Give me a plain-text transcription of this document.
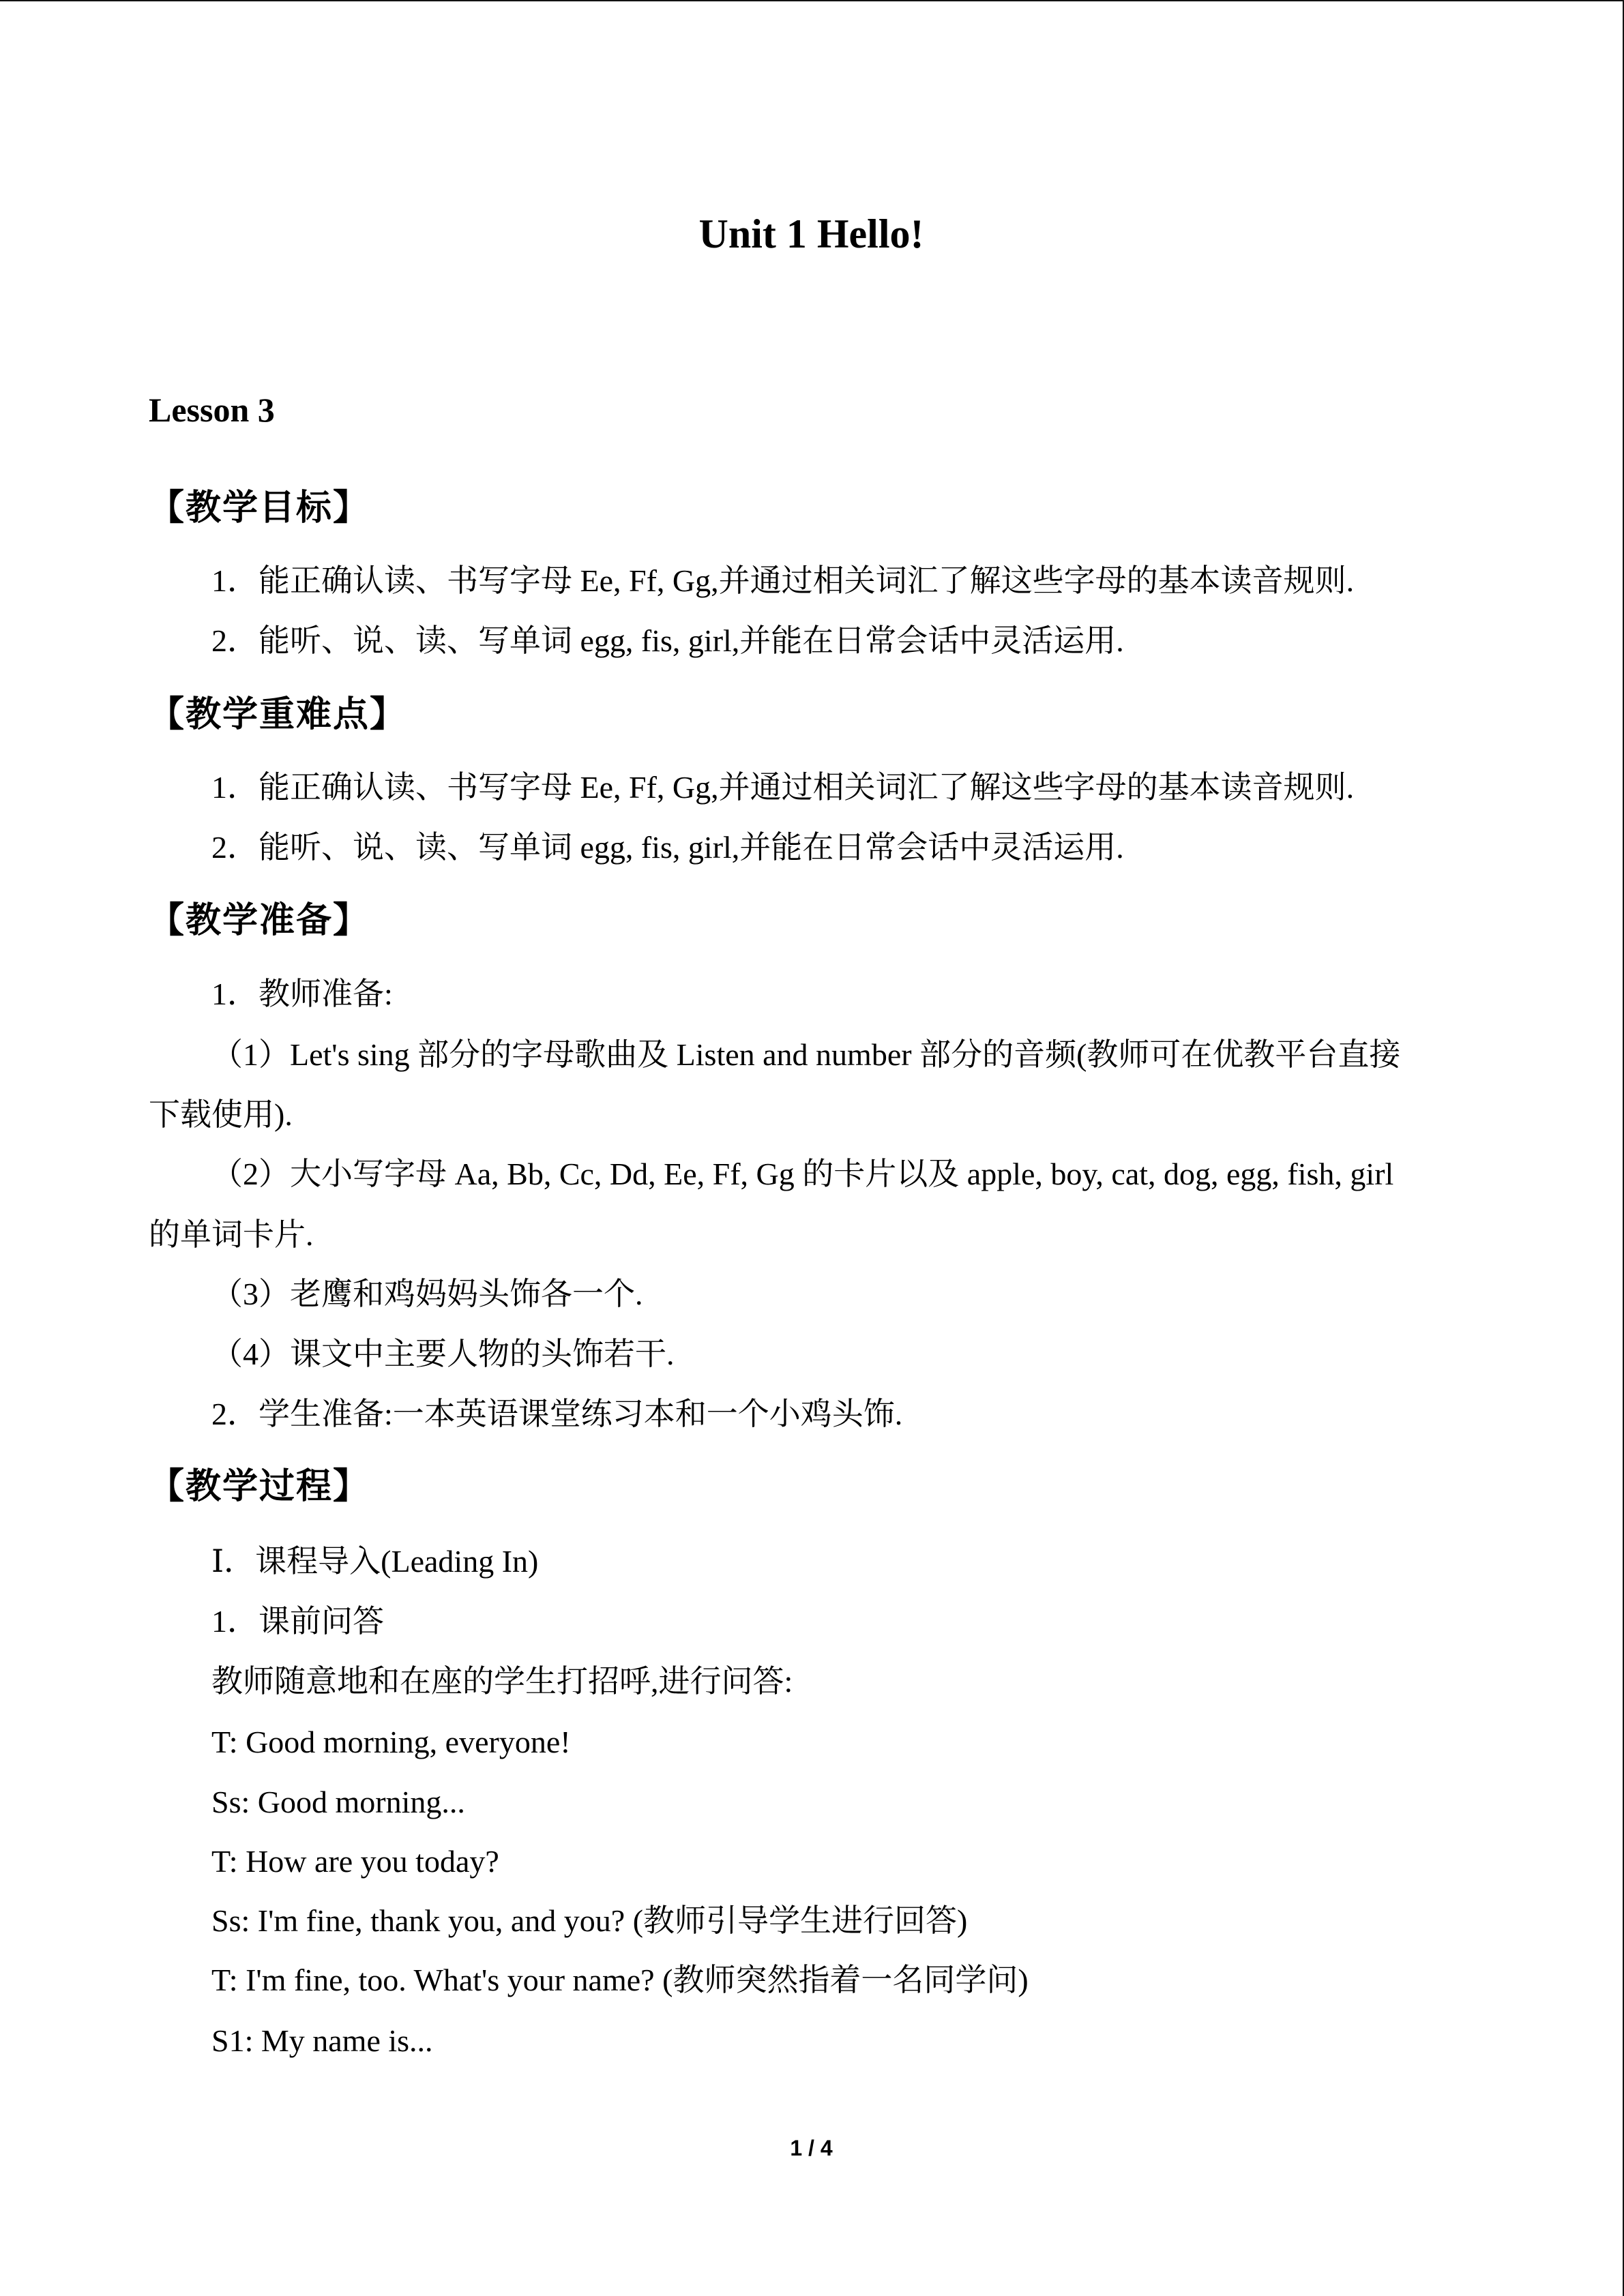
Unit 1 Hello!
Lesson 3
【教学目标】

1．能正确认读、书写字母 Ee, Ff, Gg,并通过相关词汇了解这些字母的基本读音规则.

2．能听、说、读、写单词 egg, fis, girl,并能在日常会话中灵活运用.

【教学重难点】

1．能正确认读、书写字母 Ee, Ff, Gg,并通过相关词汇了解这些字母的基本读音规则.

2．能听、说、读、写单词 egg, fis, girl,并能在日常会话中灵活运用.

【教学准备】

1．教师准备:

（1）Let's sing 部分的字母歌曲及 Listen and number 部分的音频(教师可在优教平台直接

下载使用).

（2）大小写字母 Aa, Bb, Cc, Dd, Ee, Ff, Gg 的卡片以及 apple, boy, cat, dog, egg, fish, girl

的单词卡片.

（3）老鹰和鸡妈妈头饰各一个.

（4）课文中主要人物的头饰若干.

2．学生准备:一本英语课堂练习本和一个小鸡头饰.

【教学过程】

Ⅰ．课程导入(Leading In)

1．课前问答

教师随意地和在座的学生打招呼,进行问答:

T: Good morning, everyone!

Ss: Good morning...

T: How are you today?

Ss: I'm fine, thank you, and you? (教师引导学生进行回答)

T: I'm fine, too. What's your name? (教师突然指着一名同学问)

S1: My name is...

1 / 4
